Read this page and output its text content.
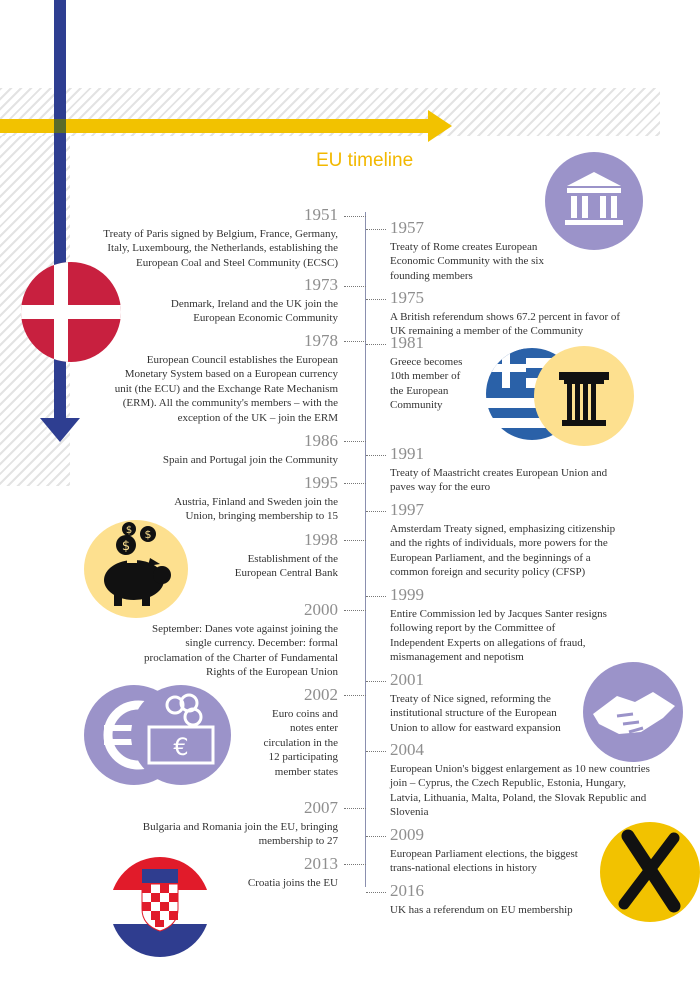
EU timeline
1951
Treaty of Paris signed by Belgium, France, Germany, Italy, Luxembourg, the Netherlands, establishing the European Coal and Steel Community (ECSC)
1973
Denmark, Ireland and the UK join the European Economic Community
1978
European Council establishes the European Monetary System based on a European currency unit (the ECU) and the Exchange Rate Mechanism (ERM). All the community's members – with the exception of the UK – join the ERM
1986
Spain and Portugal join the Community
1995
Austria, Finland and Sweden join the Union, bringing membership to 15
1998
Establishment of the European Central Bank
2000
September: Danes vote against joining the single currency. December: formal proclamation of the Charter of Fundamental Rights of the European Union
2002
Euro coins and notes enter circulation in the 12 participating member states
2007
Bulgaria and Romania join the EU, bringing membership to 27
2013
Croatia joins the EU
1957
Treaty of Rome creates European Economic Community with the six founding members
1975
A British referendum shows 67.2 percent in favor of UK remaining a member of the Community
1981
Greece becomes 10th member of the European Community
1991
Treaty of Maastricht creates European Union and paves way for the euro
1997
Amsterdam Treaty signed, emphasizing citizenship and the rights of individuals, more powers for the European Parliament, and the beginnings of a common foreign and security policy (CFSP)
1999
Entire Commission led by Jacques Santer resigns following report by the Committee of Independent Experts on allegations of fraud, mismanagement and nepotism
2001
Treaty of Nice signed, reforming the institutional structure of the European Union to allow for eastward expansion
2004
European Union's biggest enlargement as 10 new countries join – Cyprus, the Czech Republic, Estonia, Hungary, Latvia, Lithuania, Malta, Poland, the Slovak Republic and Slovenia
2009
European Parliament elections, the biggest trans-national elections in history
2016
UK has a referendum on EU membership
$ $
$
€
